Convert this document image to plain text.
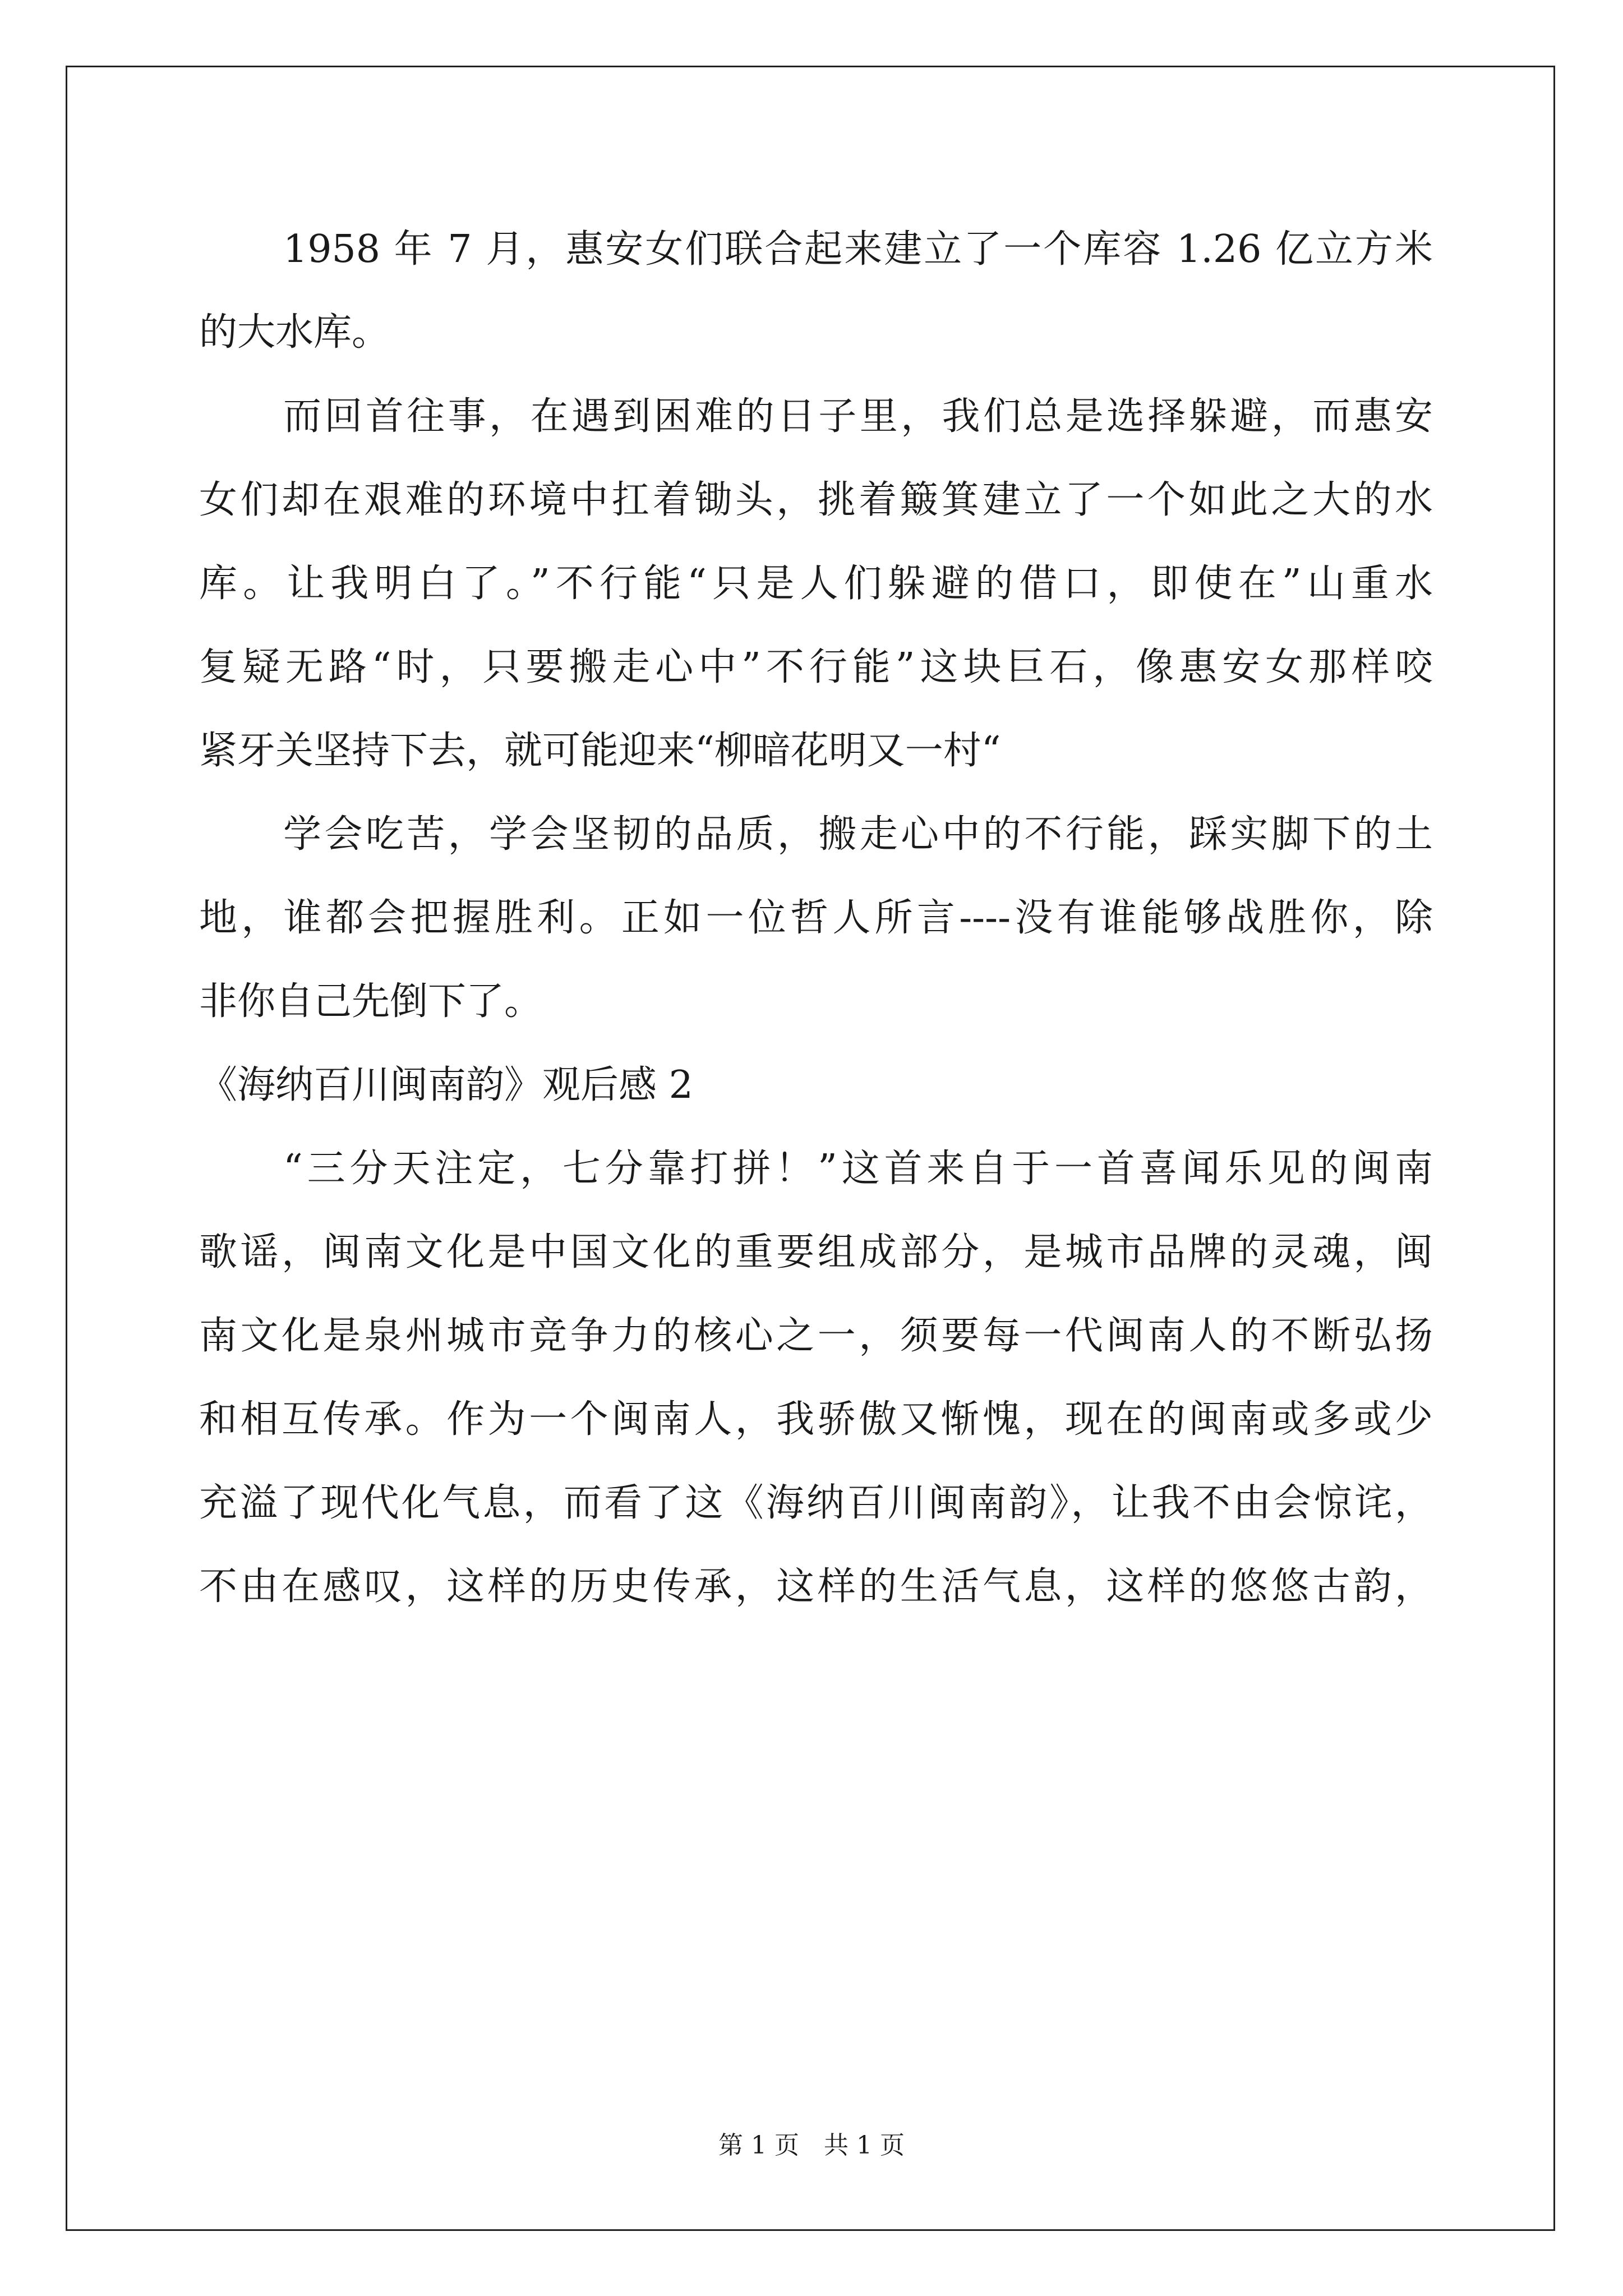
1958 年 7 月，惠安女们联合起来建立了一个库容 1.26 亿立方米
的大水库。
而回首往事，在遇到困难的日子里，我们总是选择躲避，而惠安
女们却在艰难的环境中扛着锄头，挑着簸箕建立了一个如此之大的水
库。让我明白了。”不行能“只是人们躲避的借口，即使在”山重水
复疑无路“时，只要搬走心中”不行能”这块巨石，像惠安女那样咬
紧牙关坚持下去，就可能迎来“柳暗花明又一村“
学会吃苦，学会坚韧的品质，搬走心中的不行能，踩实脚下的土
地，谁都会把握胜利。正如一位哲人所言----没有谁能够战胜你，除
非你自己先倒下了。
《海纳百川闽南韵》观后感 2
“三分天注定，七分靠打拼！”这首来自于一首喜闻乐见的闽南
歌谣，闽南文化是中国文化的重要组成部分，是城市品牌的灵魂，闽
南文化是泉州城市竞争力的核心之一，须要每一代闽南人的不断弘扬
和相互传承。作为一个闽南人，我骄傲又惭愧，现在的闽南或多或少
充溢了现代化气息，而看了这《海纳百川闽南韵》，让我不由会惊诧，
不由在感叹，这样的历史传承，这样的生活气息，这样的悠悠古韵，
第 1 页　共 1 页
